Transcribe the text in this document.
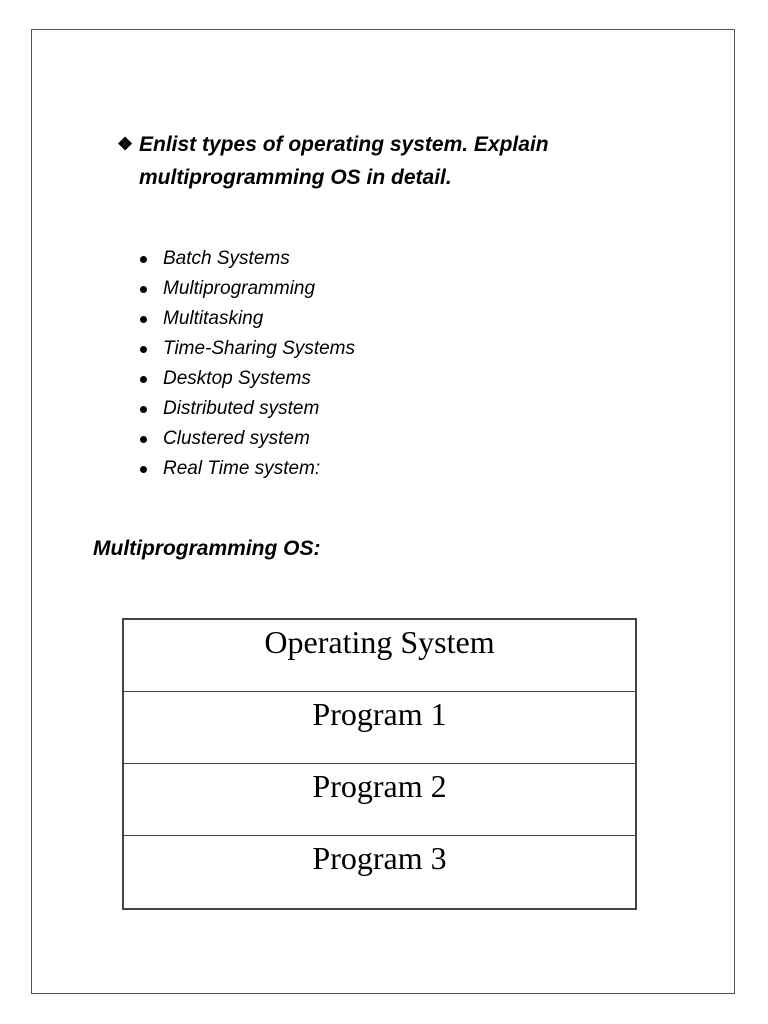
❖ Enlist types of operating system. Explain multiprogramming OS in detail.
Batch Systems
Multiprogramming
Multitasking
Time-Sharing Systems
Desktop Systems
Distributed system
Clustered system
Real Time system:
Multiprogramming OS:
Operating System
Program 1
Program 2
Program 3
